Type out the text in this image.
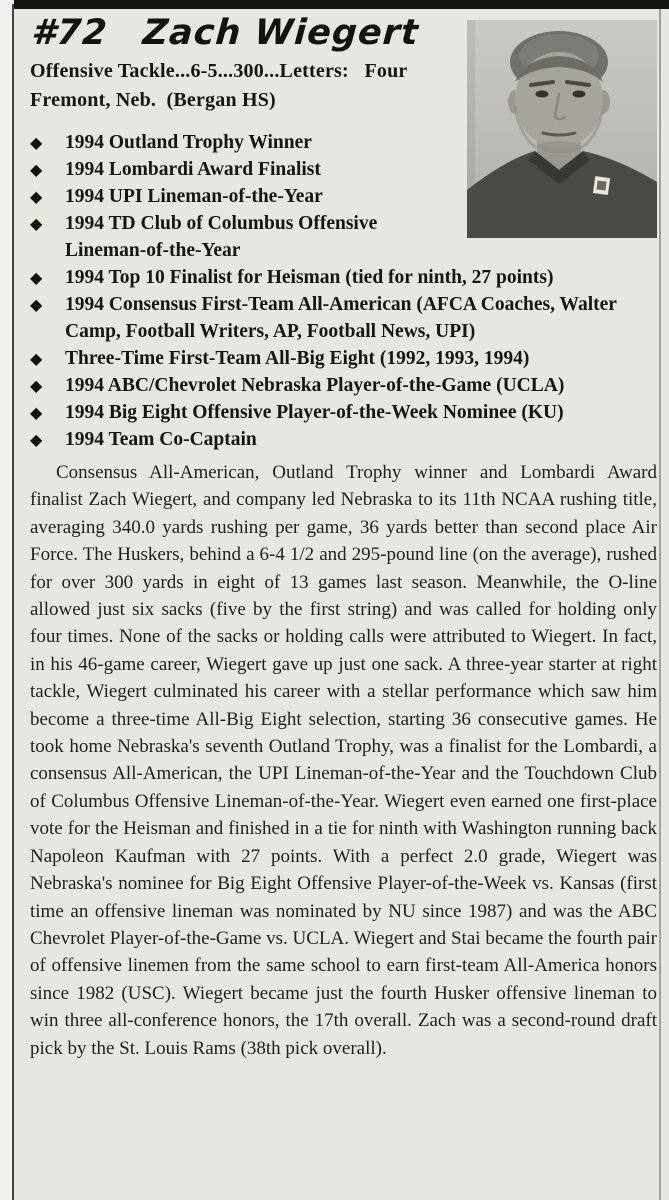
#72 Zach Wiegert
Offensive Tackle...6-5...300...Letters:   Four
Fremont, Neb.  (Bergan HS)
◆ 1994 Outland Trophy Winner
◆ 1994 Lombardi Award Finalist
◆ 1994 UPI Lineman-of-the-Year
◆ 1994 TD Club of Columbus Offensive Lineman-of-the-Year
◆ 1994 Top 10 Finalist for Heisman (tied for ninth, 27 points)
◆ 1994 Consensus First-Team All-American (AFCA Coaches, Walter Camp, Football Writers, AP, Football News, UPI)
◆ Three-Time First-Team All-Big Eight (1992, 1993, 1994)
◆ 1994 ABC/Chevrolet Nebraska Player-of-the-Game (UCLA)
◆ 1994 Big Eight Offensive Player-of-the-Week Nominee (KU)
◆ 1994 Team Co-Captain

Consensus All-American, Outland Trophy winner and Lombardi Award finalist Zach Wiegert, and company led Nebraska to its 11th NCAA rushing title, averaging 340.0 yards rushing per game, 36 yards better than second place Air Force. The Huskers, behind a 6-4 1/2 and 295-pound line (on the average), rushed for over 300 yards in eight of 13 games last season. Meanwhile, the O-line allowed just six sacks (five by the first string) and was called for holding only four times. None of the sacks or holding calls were attributed to Wiegert. In fact, in his 46-game career, Wiegert gave up just one sack. A three-year starter at right tackle, Wiegert culminated his career with a stellar performance which saw him become a three-time All-Big Eight selection, starting 36 consecutive games. He took home Nebraska's seventh Outland Trophy, was a finalist for the Lombardi, a consensus All-American, the UPI Lineman-of-the-Year and the Touchdown Club of Columbus Offensive Lineman-of-the-Year. Wiegert even earned one first-place vote for the Heisman and finished in a tie for ninth with Washington running back Napoleon Kaufman with 27 points. With a perfect 2.0 grade, Wiegert was Nebraska's nominee for Big Eight Offensive Player-of-the-Week vs. Kansas (first time an offensive lineman was nominated by NU since 1987) and was the ABC Chevrolet Player-of-the-Game vs. UCLA. Wiegert and Stai became the fourth pair of offensive linemen from the same school to earn first-team All-America honors since 1982 (USC). Wiegert became just the fourth Husker offensive lineman to win three all-conference honors, the 17th overall. Zach was a second-round draft pick by the St. Louis Rams (38th pick overall).
